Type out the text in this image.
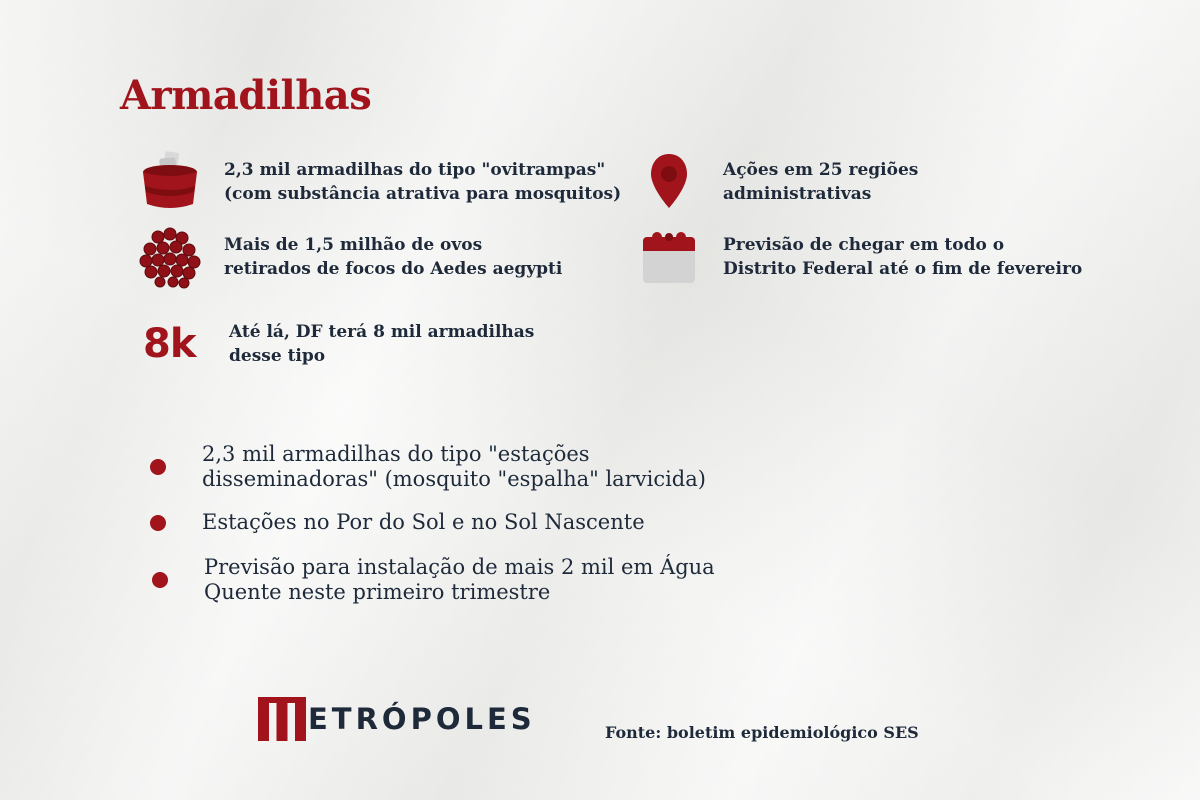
Armadilhas
2,3 mil armadilhas do tipo "ovitrampas"
(com substância atrativa para mosquitos)
Ações em 25 regiões
administrativas
Mais de 1,5 milhão de ovos
retirados de focos do Aedes aegypti
Previsão de chegar em todo o
Distrito Federal até o fim de fevereiro
8k	Até lá, DF terá 8 mil armadilhas
desse tipo
2,3 mil armadilhas do tipo "estações
disseminadoras" (mosquito "espalha" larvicida)
Estações no Por do Sol e no Sol Nascente
Previsão para instalação de mais 2 mil em Água
Quente neste primeiro trimestre
ETRÓPOLES	Fonte: boletim epidemiológico SES
